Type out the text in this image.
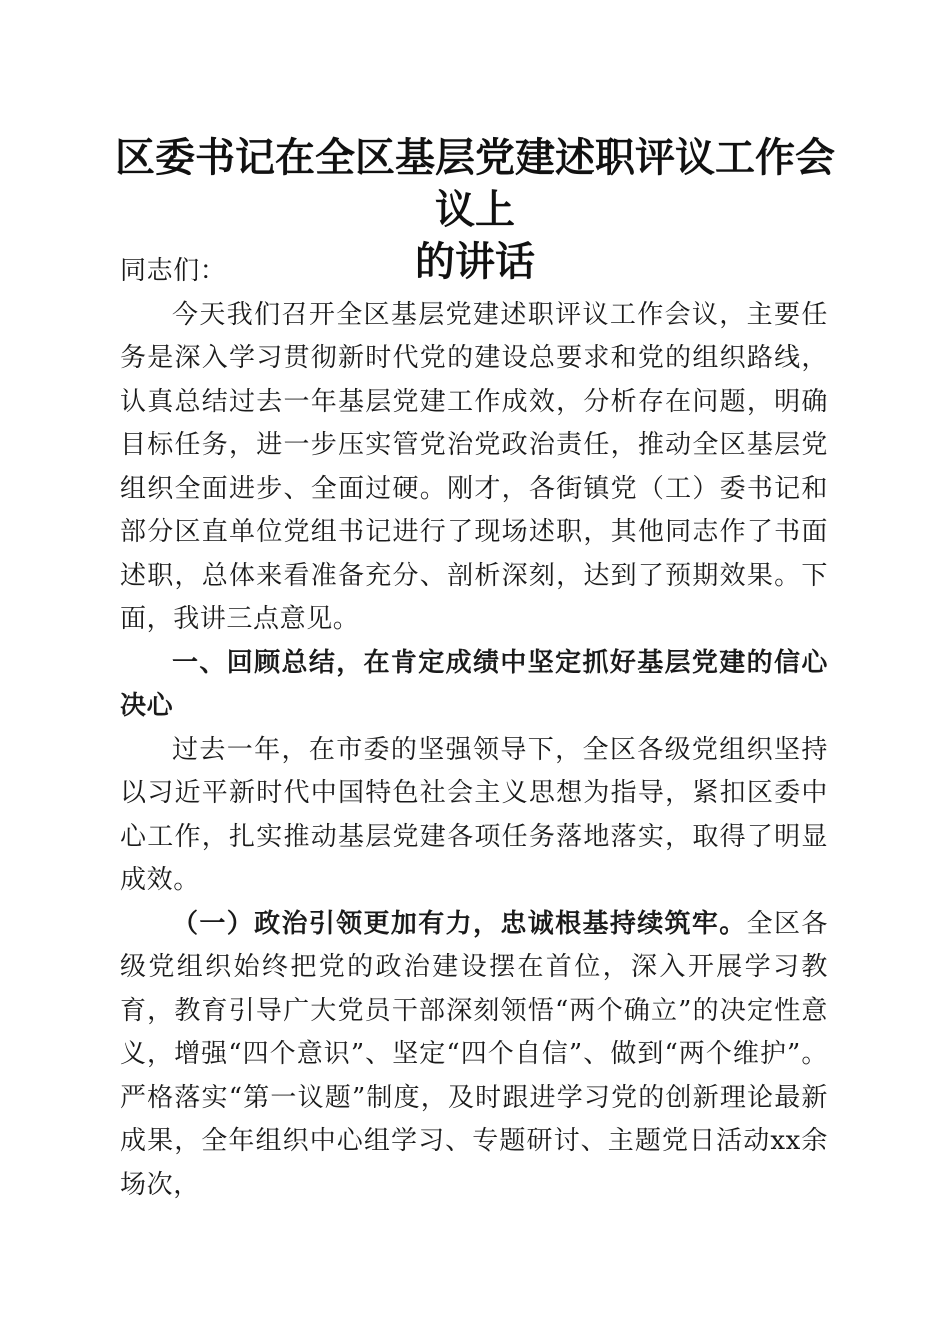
区委书记在全区基层党建述职评议工作会议上
的讲话

同志们：

今天我们召开全区基层党建述职评议工作会议，主要任务是深入学习贯彻新时代党的建设总要求和党的组织路线，认真总结过去一年基层党建工作成效，分析存在问题，明确目标任务，进一步压实管党治党政治责任，推动全区基层党组织全面进步、全面过硬。刚才，各街镇党（工）委书记和部分区直单位党组书记进行了现场述职，其他同志作了书面述职，总体来看准备充分、剖析深刻，达到了预期效果。下面，我讲三点意见。

一、回顾总结，在肯定成绩中坚定抓好基层党建的信心决心

过去一年，在市委的坚强领导下，全区各级党组织坚持以习近平新时代中国特色社会主义思想为指导，紧扣区委中心工作，扎实推动基层党建各项任务落地落实，取得了明显成效。

（一）政治引领更加有力，忠诚根基持续筑牢。全区各级党组织始终把党的政治建设摆在首位，深入开展学习教育，教育引导广大党员干部深刻领悟“两个确立”的决定性意义，增强“四个意识”、坚定“四个自信”、做到“两个维护”。严格落实“第一议题”制度，及时跟进学习党的创新理论最新成果，全年组织中心组学习、专题研讨、主题党日活动xx余场次，
